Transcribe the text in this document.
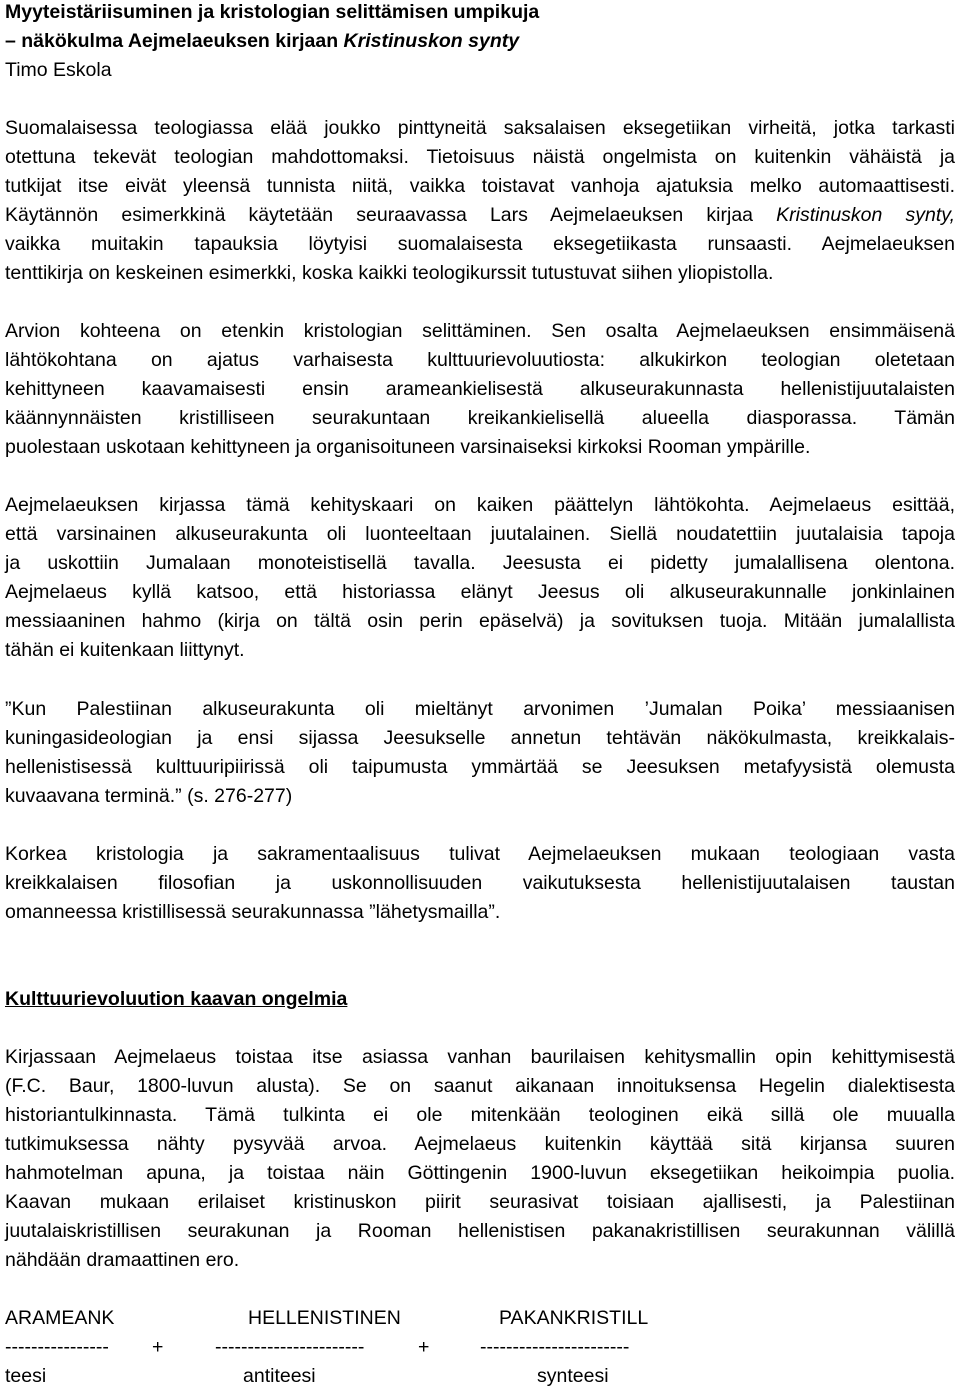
Myyteistäriisuminen ja kristologian selittämisen umpikuja
– näkökulma Aejmelaeuksen kirjaan Kristinuskon synty
Timo Eskola
Suomalaisessa teologiassa elää joukko pinttyneitä saksalaisen eksegetiikan virheitä, jotka tarkasti
otettuna tekevät teologian mahdottomaksi. Tietoisuus näistä ongelmista on kuitenkin vähäistä ja
tutkijat itse eivät yleensä tunnista niitä, vaikka toistavat vanhoja ajatuksia melko automaattisesti.
Käytännön esimerkkinä käytetään seuraavassa Lars Aejmelaeuksen kirjaa Kristinuskon synty,
vaikka muitakin tapauksia löytyisi suomalaisesta eksegetiikasta runsaasti. Aejmelaeuksen
tenttikirja on keskeinen esimerkki, koska kaikki teologikurssit tutustuvat siihen yliopistolla.
Arvion kohteena on etenkin kristologian selittäminen. Sen osalta Aejmelaeuksen ensimmäisenä
lähtökohtana on ajatus varhaisesta kulttuurievoluutiosta: alkukirkon teologian oletetaan
kehittyneen kaavamaisesti ensin arameankielisestä alkuseurakunnasta hellenistijuutalaisten
käännynnäisten kristilliseen seurakuntaan kreikankielisellä alueella diasporassa. Tämän
puolestaan uskotaan kehittyneen ja organisoituneen varsinaiseksi kirkoksi Rooman ympärille.
Aejmelaeuksen kirjassa tämä kehityskaari on kaiken päättelyn lähtökohta. Aejmelaeus esittää,
että varsinainen alkuseurakunta oli luonteeltaan juutalainen. Siellä noudatettiin juutalaisia tapoja
ja uskottiin Jumalaan monoteistisellä tavalla. Jeesusta ei pidetty jumalallisena olentona.
Aejmelaeus kyllä katsoo, että historiassa elänyt Jeesus oli alkuseurakunnalle jonkinlainen
messiaaninen hahmo (kirja on tältä osin perin epäselvä) ja sovituksen tuoja. Mitään jumalallista
tähän ei kuitenkaan liittynyt.
”Kun Palestiinan alkuseurakunta oli mieltänyt arvonimen ’Jumalan Poika’ messiaanisen
kuningasideologian ja ensi sijassa Jeesukselle annetun tehtävän näkökulmasta, kreikkalais-
hellenistisessä kulttuuripiirissä oli taipumusta ymmärtää se Jeesuksen metafyysistä olemusta
kuvaavana terminä.” (s. 276-277)
Korkea kristologia ja sakramentaalisuus tulivat Aejmelaeuksen mukaan teologiaan vasta
kreikkalaisen filosofian ja uskonnollisuuden vaikutuksesta hellenistijuutalaisen taustan
omanneessa kristillisessä seurakunnassa ”lähetysmailla”.
Kulttuurievoluution kaavan ongelmia
Kirjassaan Aejmelaeus toistaa itse asiassa vanhan baurilaisen kehitysmallin opin kehittymisestä
(F.C. Baur, 1800-luvun alusta). Se on saanut aikanaan innoituksensa Hegelin dialektisesta
historiantulkinnasta. Tämä tulkinta ei ole mitenkään teologinen eikä sillä ole muualla
tutkimuksessa nähty pysyvää arvoa. Aejmelaeus kuitenkin käyttää sitä kirjansa suuren
hahmotelman apuna, ja toistaa näin Göttingenin 1900-luvun eksegetiikan heikoimpia puolia.
Kaavan mukaan erilaiset kristinuskon piirit seurasivat toisiaan ajallisesti, ja Palestiinan
juutalaiskristillisen seurakunan ja Rooman hellenistisen pakanakristillisen seurakunnan välillä
nähdään dramaattinen ero.
ARAMEANK	HELLENISTINEN	PAKANKRISTILL
---------------- +	-----------------------	+	-----------------------
teesi	antiteesi	synteesi
